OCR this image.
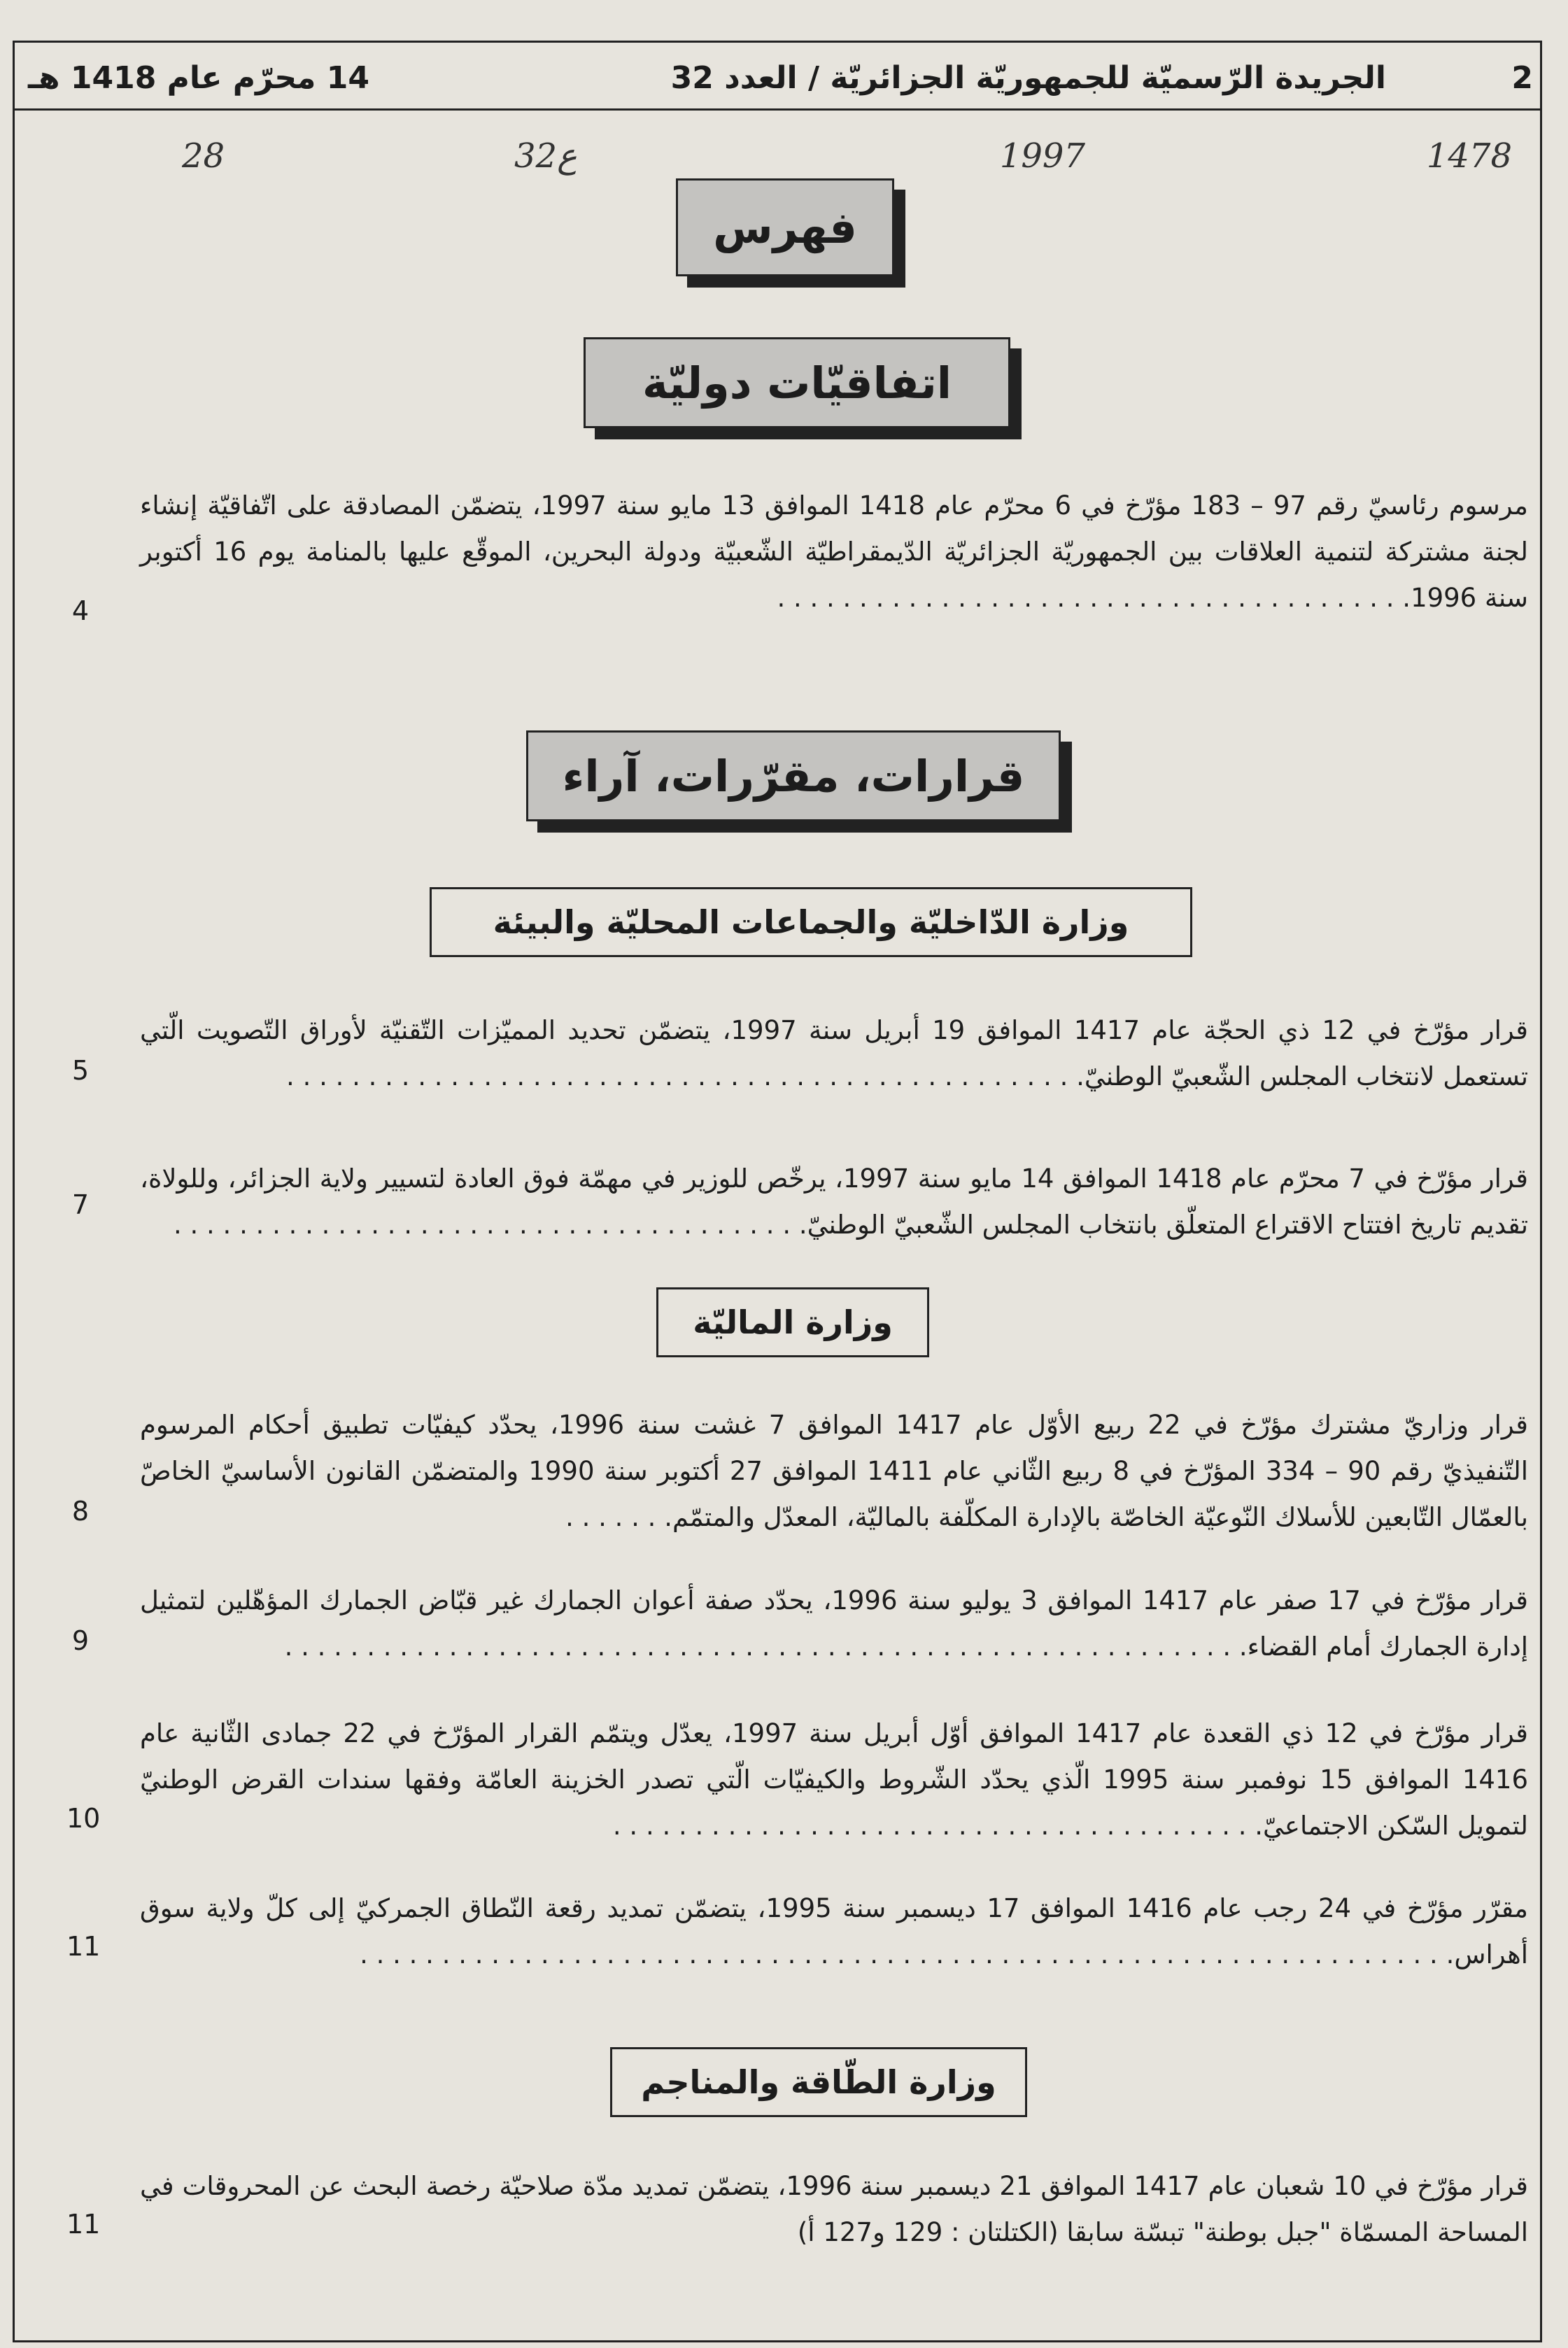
2
الجريدة الرّسميّة للجمهوريّة الجزائريّة / العدد 32
14 محرّم عام 1418 هـ
1478
1997
32ع
28
فهرس
اتفاقيّات دوليّة

مرسوم رئاسيّ رقم 97 – 183 مؤرّخ في 6 محرّم عام 1418 الموافق 13 مايو سنة 1997، يتضمّن المصادقة على اتّفاقيّة إنشاء لجنة مشتركة لتنمية العلاقات بين الجمهوريّة الجزائريّة الدّيمقراطيّة الشّعبيّة ودولة البحرين، الموقّع عليها بالمنامة يوم 16 أكتوبر سنة 1996. . . . . . . . . . . . . . . . . . . . . . . . . . . . . . . . . . . . . . .

4
قرارات، مقرّرات، آراء
وزارة الدّاخليّة والجماعات المحليّة والبيئة

قرار مؤرّخ في 12 ذي الحجّة عام 1417 الموافق 19 أبريل سنة 1997، يتضمّن تحديد المميّزات التّقنيّة لأوراق التّصويت الّتي تستعمل لانتخاب المجلس الشّعبيّ الوطنيّ. . . . . . . . . . . . . . . . . . . . . . . . . . . . . . . . . . . . . . . . . . . . . . . . .

5

قرار مؤرّخ في 7 محرّم عام 1418 الموافق 14 مايو سنة 1997، يرخّص للوزير في مهمّة فوق العادة لتسيير ولاية الجزائر، وللولاة، تقديم تاريخ افتتاح الاقتراع المتعلّق بانتخاب المجلس الشّعبيّ الوطنيّ. . . . . . . . . . . . . . . . . . . . . . . . . . . . . . . . . . . . . . .

7
وزارة الماليّة

قرار وزاريّ مشترك مؤرّخ في 22 ربيع الأوّل عام 1417 الموافق 7 غشت سنة 1996، يحدّد كيفيّات تطبيق أحكام المرسوم التّنفيذيّ رقم 90 – 334 المؤرّخ في 8 ربيع الثّاني عام 1411 الموافق 27 أكتوبر سنة 1990 والمتضمّن القانون الأساسيّ الخاصّ بالعمّال التّابعين للأسلاك النّوعيّة الخاصّة بالإدارة المكلّفة بالماليّة، المعدّل والمتمّم. . . . . . .

8

قرار مؤرّخ في 17 صفر عام 1417 الموافق 3 يوليو سنة 1996، يحدّد صفة أعوان الجمارك غير قبّاض الجمارك المؤهّلين لتمثيل إدارة الجمارك أمام القضاء. . . . . . . . . . . . . . . . . . . . . . . . . . . . . . . . . . . . . . . . . . . . . . . . . . . . . . . . . . .

9

قرار مؤرّخ في 12 ذي القعدة عام 1417 الموافق أوّل أبريل سنة 1997، يعدّل ويتمّم القرار المؤرّخ في 22 جمادى الثّانية عام 1416 الموافق 15 نوفمبر سنة 1995 الّذي يحدّد الشّروط والكيفيّات الّتي تصدر الخزينة العامّة وفقها سندات القرض الوطنيّ لتمويل السّكن الاجتماعيّ. . . . . . . . . . . . . . . . . . . . . . . . . . . . . . . . . . . . . . . .

10

مقرّر مؤرّخ في 24 رجب عام 1416 الموافق 17 ديسمبر سنة 1995، يتضمّن تمديد رقعة النّطاق الجمركيّ إلى كلّ ولاية سوق أهراس. . . . . . . . . . . . . . . . . . . . . . . . . . . . . . . . . . . . . . . . . . . . . . . . . . . . . . . . . . . . . . . . . . .

11
وزارة الطّاقة والمناجم

قرار مؤرّخ في 10 شعبان عام 1417 الموافق 21 ديسمبر سنة 1996، يتضمّن تمديد مدّة صلاحيّة رخصة البحث عن المحروقات في المساحة المسمّاة "جبل بوطنة" تبسّة سابقا (الكتلتان : 129 و127 أ)

11
